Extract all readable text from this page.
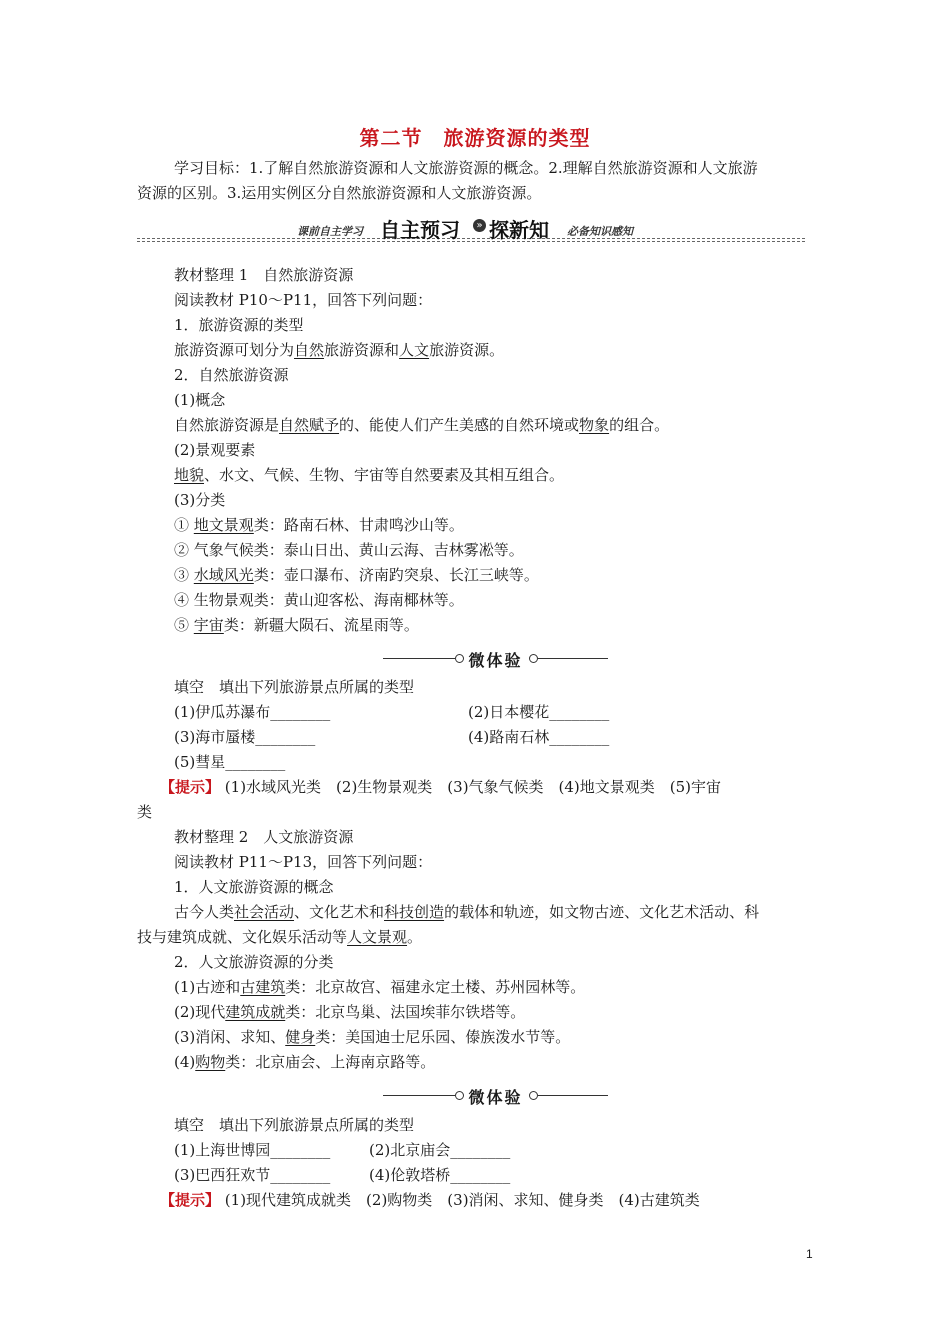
第二节　旅游资源的类型
学习目标：1.了解自然旅游资源和人文旅游资源的概念。2.理解自然旅游资源和人文旅游
资源的区别。3.运用实例区分自然旅游资源和人文旅游资源。
课前自主学习 自主预习	» 探新知 必备知识感知
教材整理 1　自然旅游资源
阅读教材 P10～P11，回答下列问题：
1．旅游资源的类型
旅游资源可划分为自然旅游资源和人文旅游资源。
2．自然旅游资源
(1)概念
自然旅游资源是自然赋予的、能使人们产生美感的自然环境或物象的组合。
(2)景观要素
地貌、水文、气候、生物、宇宙等自然要素及其相互组合。
(3)分类
① 地文景观类：路南石林、甘肃鸣沙山等。
② 气象气候类：泰山日出、黄山云海、吉林雾凇等。
③ 水域风光类：壶口瀑布、济南趵突泉、长江三峡等。
④ 生物景观类：黄山迎客松、海南椰林等。
⑤ 宇宙类：新疆大陨石、流星雨等。
微体验
填空　填出下列旅游景点所属的类型
(1)伊瓜苏瀑布________	(2)日本樱花________
(3)海市蜃楼________	(4)路南石林________
(5)彗星________
【提示】 (1)水域风光类　(2)生物景观类　(3)气象气候类　(4)地文景观类　(5)宇宙
类
教材整理 2　人文旅游资源
阅读教材 P11～P13，回答下列问题：
1．人文旅游资源的概念
古今人类社会活动、文化艺术和科技创造的载体和轨迹，如文物古迹、文化艺术活动、科
技与建筑成就、文化娱乐活动等人文景观。
2．人文旅游资源的分类
(1)古迹和古建筑类：北京故宫、福建永定土楼、苏州园林等。
(2)现代建筑成就类：北京鸟巢、法国埃菲尔铁塔等。
(3)消闲、求知、健身类：美国迪士尼乐园、傣族泼水节等。
(4)购物类：北京庙会、上海南京路等。
微体验
填空　填出下列旅游景点所属的类型
(1)上海世博园________	(2)北京庙会________
(3)巴西狂欢节________	(4)伦敦塔桥________
【提示】 (1)现代建筑成就类　(2)购物类　(3)消闲、求知、健身类　(4)古建筑类
1
